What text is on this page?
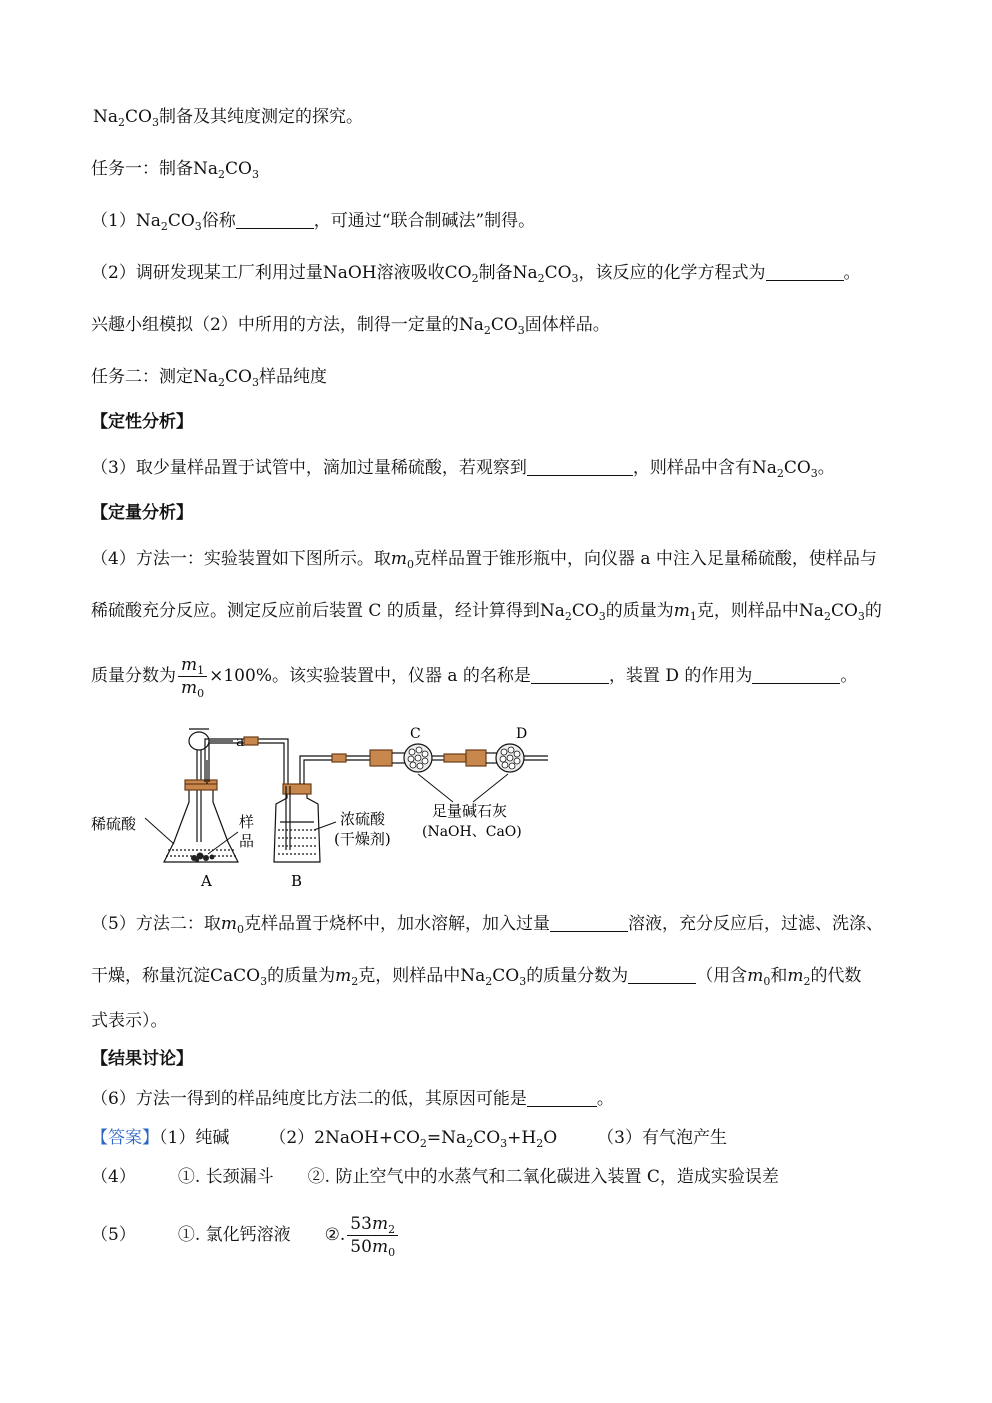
$Na_2CO_3$制备及其纯度测定的探究。
任务一：制备$Na_2CO_3$
$(1)Na_2CO_3$俗称	，可通过“联合制碱法”制得。
（2）调研发现某工厂利用过量NaOH溶液吸收$CO_2$制备$Na_2CO_3$，该反应的化学方程式为	。
兴趣小组模拟（2）中所用的方法，制得一定量的$Na_2CO_3$固体样品。
任务二：测定$Na_2CO_3$样品纯度
【定性分析】
（3）取少量样品置于试管中，滴加过量稀硫酸，若观察到	，则样品中含有$Na_2CO_3$。
【定量分析】
（4）方法一：实验装置如下图所示。取$m_0$克样品置于锥形瓶中，向仪器 a 中注入足量稀硫酸，使样品与
稀硫酸充分反应。测定反应前后装置 C 的质量，经计算得到$Na_2CO_3$的质量为$m_1$克，则样品中$Na_2CO_3$的
质量分数为 $\frac{m_1}{m_0} \times 100\%$。该实验装置中，仪器 a 的名称是	，装置 D 的作用为	。
a	C	D
稀硫酸	样
品
浓硫酸
(干燥剂)
足量碱石灰
(NaOH、CaO)
A	B
（5）方法二：取$m_0$克样品置于烧杯中，加水溶解，加入过量	溶液，充分反应后，过滤、洗涤、
干燥，称量沉淀CaCO$_3$的质量为$m_2$克，则样品中$Na_2CO_3$的质量分数为	（用含$m_0$和$m_2$的代数
式表示）。
【结果讨论】
（6）方法一得到的样品纯度比方法二的低，其原因可能是	。
【答案】（1）纯碱 $(2)2NaOH+CO_2=Na_2CO_3+H_2O$ （3）有气泡产生
（4） ①. 长颈漏斗 ②. 防止空气中的水蒸气和二氧化碳进入装置 C，造成实验误差
（5） ①. 氯化钙溶液 ②. $\frac{53m_2}{50m_0}$
